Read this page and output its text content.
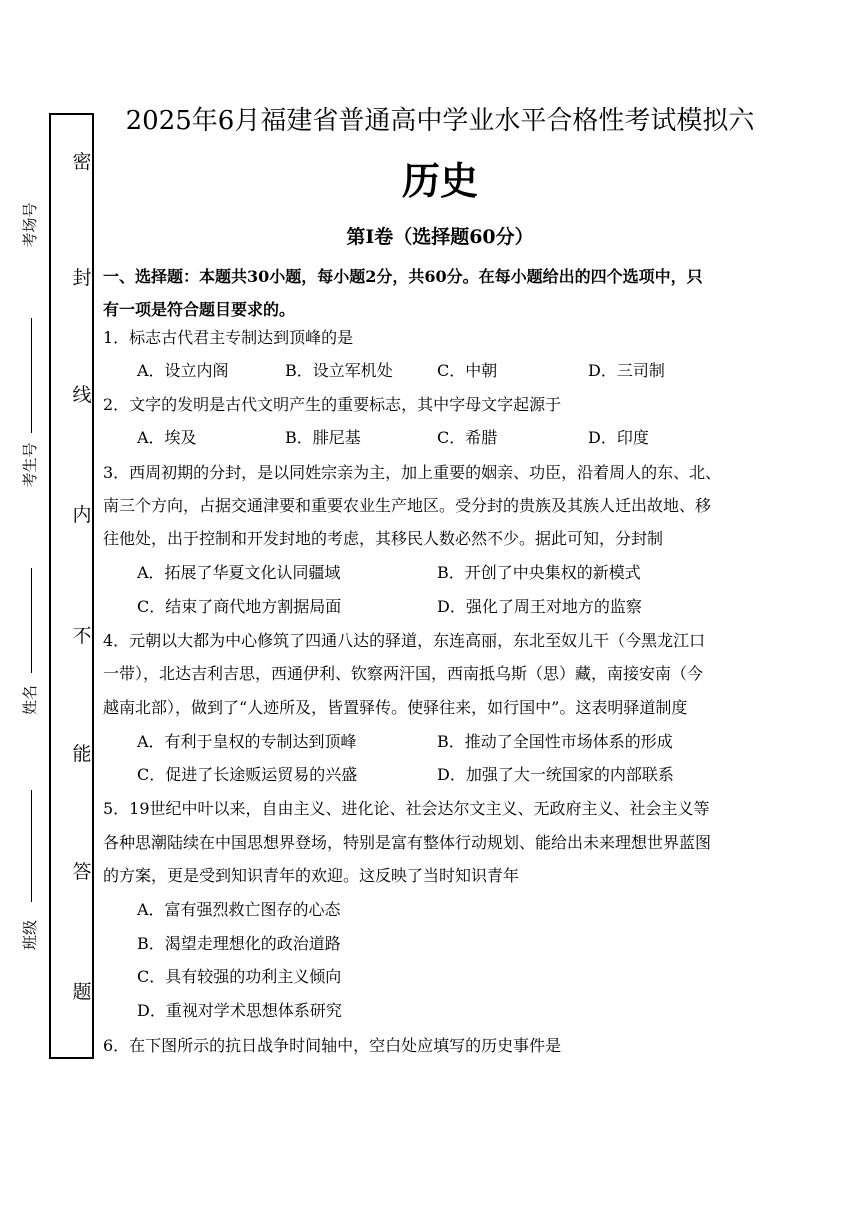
密
封
线
内
不
能
答
题
考场号
考生号
姓名
班级
2025年6月福建省普通高中学业水平合格性考试模拟六
历史
第Ⅰ卷（选择题60分）
一、选择题：本题共30小题，每小题2分，共60分。在每小题给出的四个选项中，只
有一项是符合题目要求的。
1．标志古代君主专制达到顶峰的是
A．设立内阁	B．设立军机处	C．中朝	D．三司制
2．文字的发明是古代文明产生的重要标志，其中字母文字起源于
A．埃及	B．腓尼基	C．希腊	D．印度
3．西周初期的分封，是以同姓宗亲为主，加上重要的姻亲、功臣，沿着周人的东、北、
南三个方向，占据交通津要和重要农业生产地区。受分封的贵族及其族人迁出故地、移
往他处，出于控制和开发封地的考虑，其移民人数必然不少。据此可知，分封制
A．拓展了华夏文化认同疆域	B．开创了中央集权的新模式
C．结束了商代地方割据局面	D．强化了周王对地方的监察
4．元朝以大都为中心修筑了四通八达的驿道，东连高丽，东北至奴儿干（今黑龙江口
一带），北达吉利吉思，西通伊利、钦察两汗国，西南抵乌斯（思）藏，南接安南（今
越南北部），做到了“人迹所及，皆置驿传。使驿往来，如行国中”。这表明驿道制度
A．有利于皇权的专制达到顶峰	B．推动了全国性市场体系的形成
C．促进了长途贩运贸易的兴盛	D．加强了大一统国家的内部联系
5．19世纪中叶以来，自由主义、进化论、社会达尔文主义、无政府主义、社会主义等
各种思潮陆续在中国思想界登场，特别是富有整体行动规划、能给出未来理想世界蓝图
的方案，更是受到知识青年的欢迎。这反映了当时知识青年
A．富有强烈救亡图存的心态
B．渴望走理想化的政治道路
C．具有较强的功利主义倾向
D．重视对学术思想体系研究
6．在下图所示的抗日战争时间轴中，空白处应填写的历史事件是
